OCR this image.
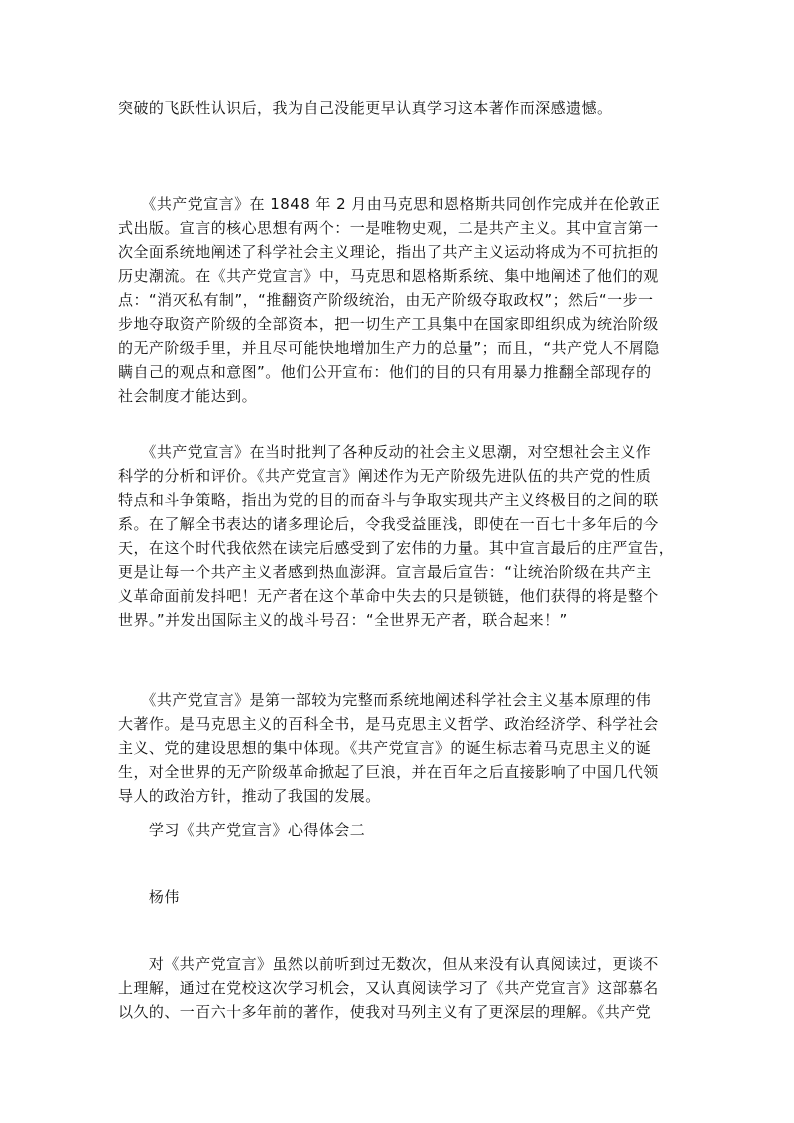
突破的飞跃性认识后，我为自己没能更早认真学习这本著作而深感遗憾。

　　《共产党宣言》在 1848 年 2 月由马克思和恩格斯共同创作完成并在伦敦正

式出版。宣言的核心思想有两个：一是唯物史观，二是共产主义。其中宣言第一

次全面系统地阐述了科学社会主义理论，指出了共产主义运动将成为不可抗拒的

历史潮流。在《共产党宣言》中，马克思和恩格斯系统、集中地阐述了他们的观

点：“消灭私有制”，“推翻资产阶级统治，由无产阶级夺取政权”；然后“一步一

步地夺取资产阶级的全部资本，把一切生产工具集中在国家即组织成为统治阶级

的无产阶级手里，并且尽可能快地增加生产力的总量”；而且，“共产党人不屑隐

瞒自己的观点和意图”。他们公开宣布：他们的目的只有用暴力推翻全部现存的

社会制度才能达到。

　　《共产党宣言》在当时批判了各种反动的社会主义思潮，对空想社会主义作

科学的分析和评价。《共产党宣言》阐述作为无产阶级先进队伍的共产党的性质

特点和斗争策略，指出为党的目的而奋斗与争取实现共产主义终极目的之间的联

系。在了解全书表达的诸多理论后，令我受益匪浅，即使在一百七十多年后的今

天，在这个时代我依然在读完后感受到了宏伟的力量。其中宣言最后的庄严宣告，

更是让每一个共产主义者感到热血澎湃。宣言最后宣告：“让统治阶级在共产主

义革命面前发抖吧！无产者在这个革命中失去的只是锁链，他们获得的将是整个

世界。”并发出国际主义的战斗号召：“全世界无产者，联合起来！”

　　《共产党宣言》是第一部较为完整而系统地阐述科学社会主义基本原理的伟

大著作。是马克思主义的百科全书，是马克思主义哲学、政治经济学、科学社会

主义、党的建设思想的集中体现。《共产党宣言》的诞生标志着马克思主义的诞

生，对全世界的无产阶级革命掀起了巨浪，并在百年之后直接影响了中国几代领

导人的政治方针，推动了我国的发展。

　　学习《共产党宣言》心得体会二

　　杨伟

　　对《共产党宣言》虽然以前听到过无数次，但从来没有认真阅读过，更谈不

上理解，通过在党校这次学习机会，又认真阅读学习了《共产党宣言》这部慕名

以久的、一百六十多年前的著作，使我对马列主义有了更深层的理解。《共产党
